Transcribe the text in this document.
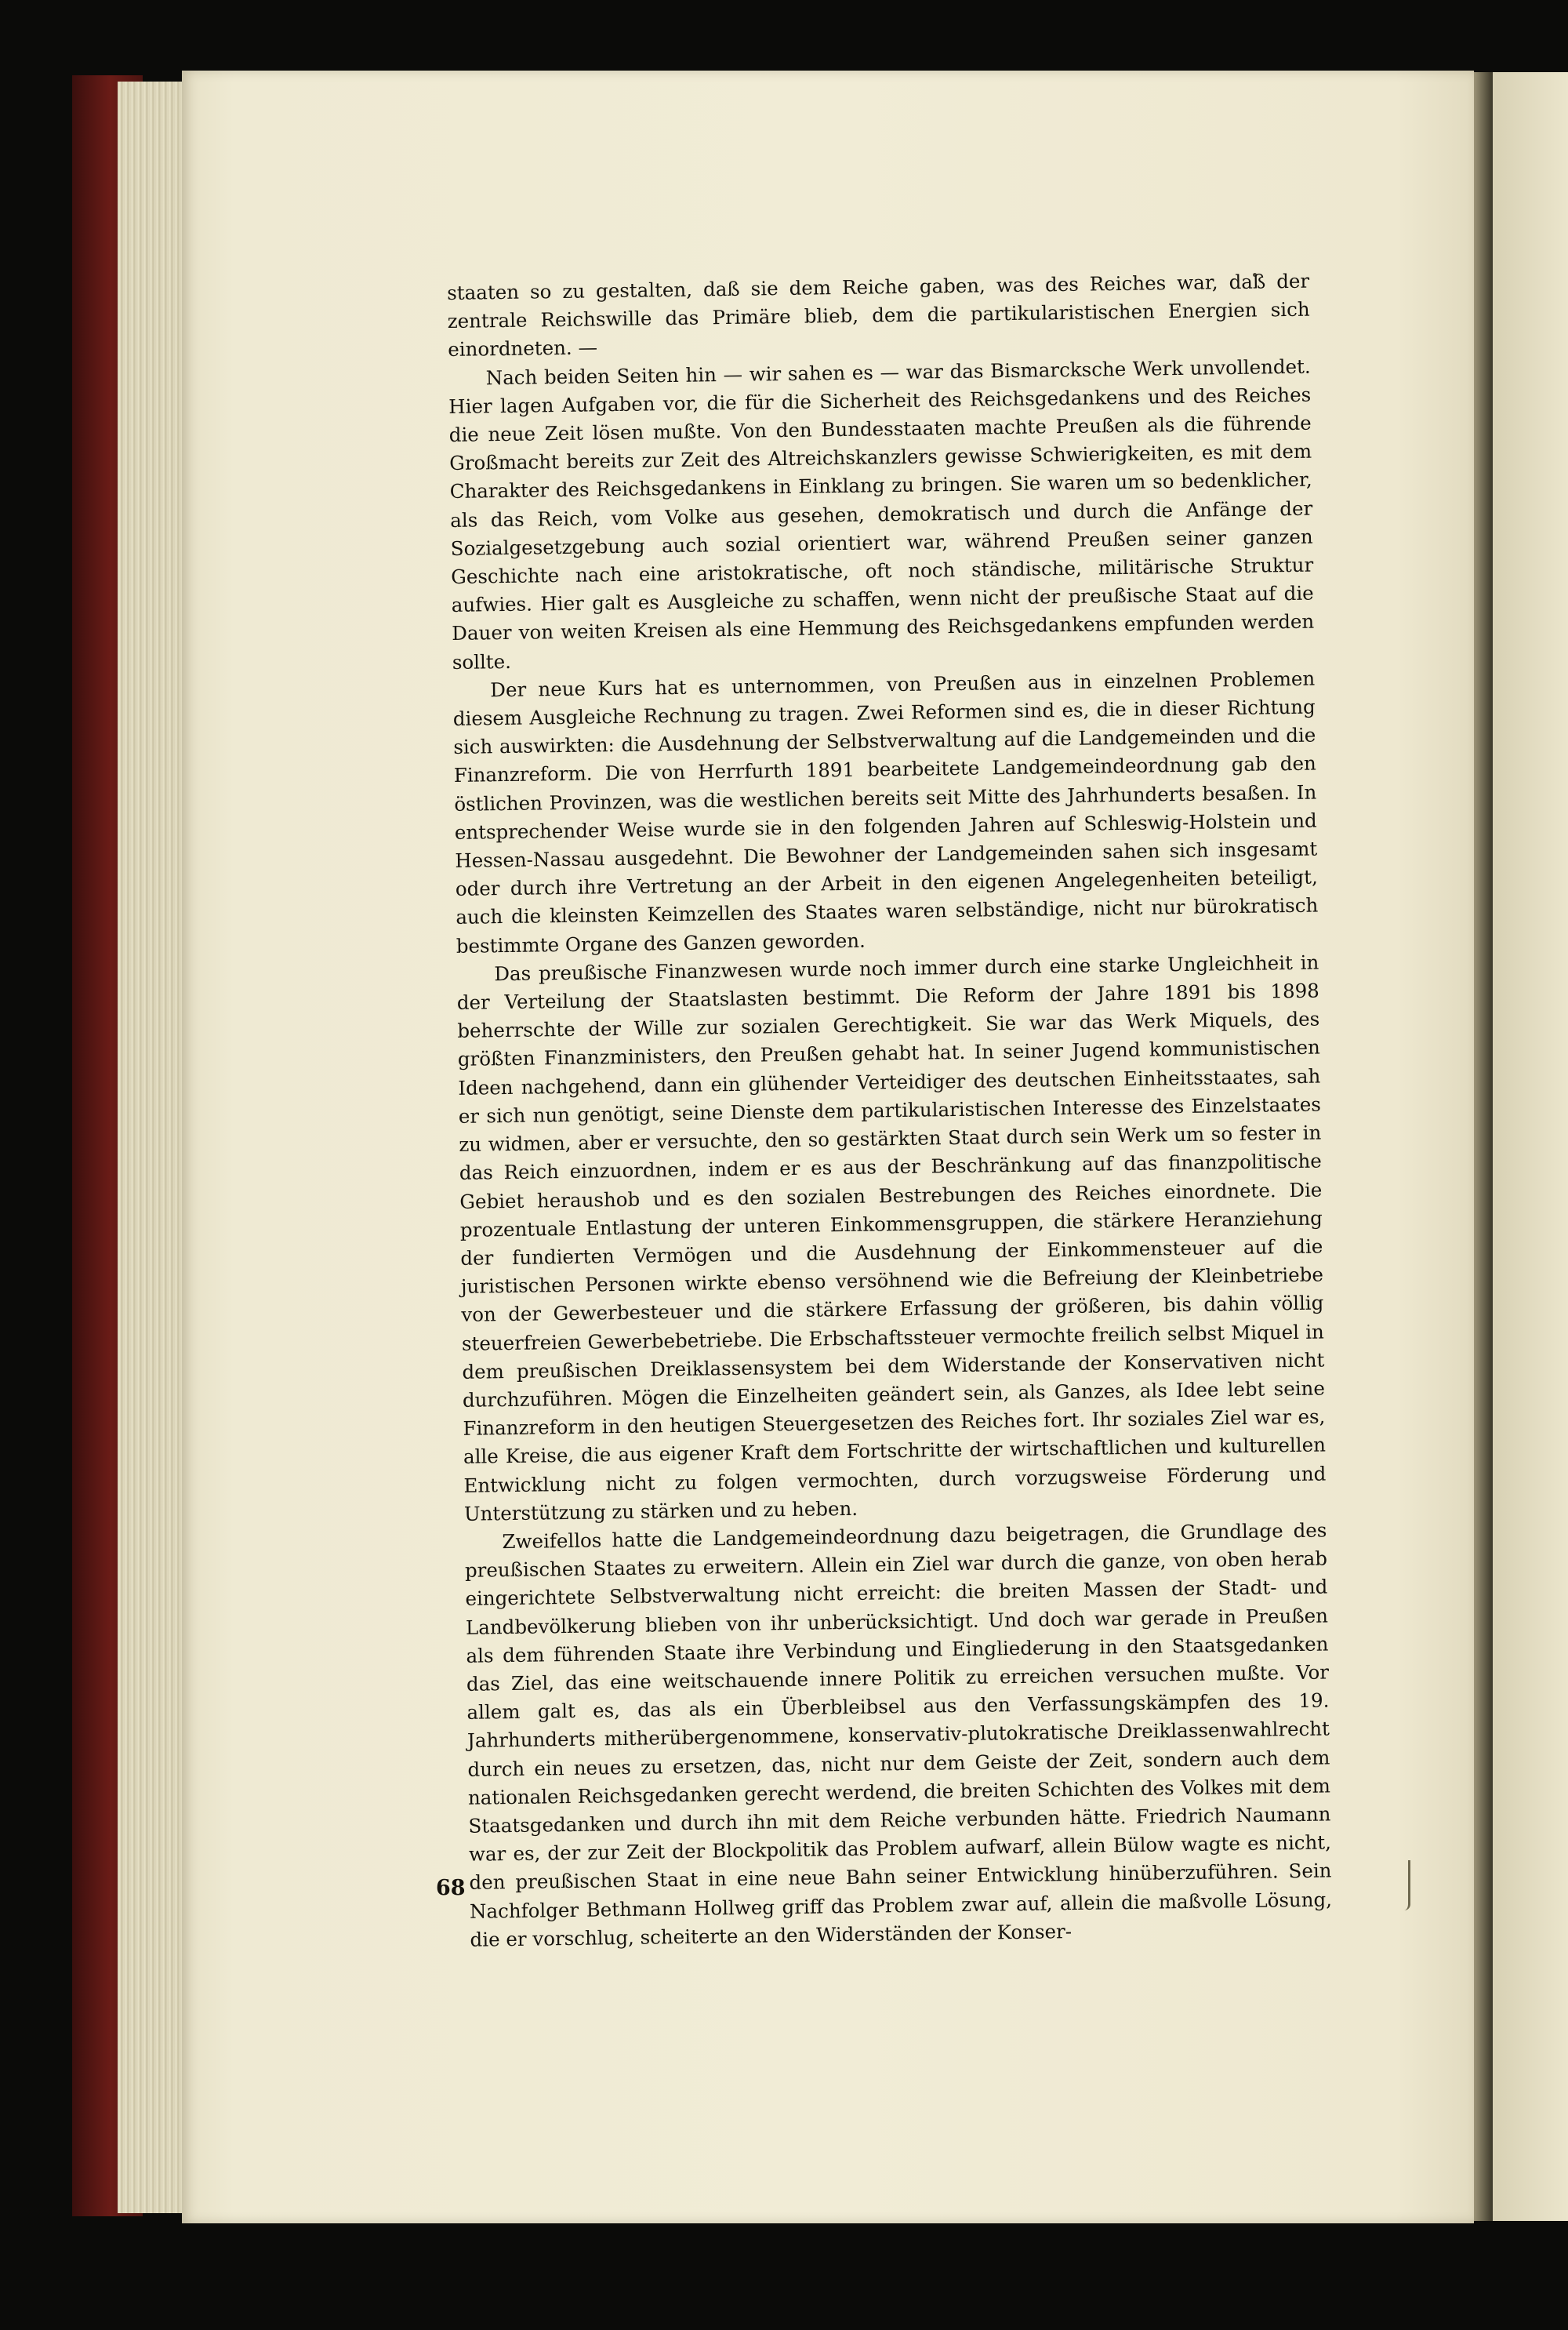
staaten so zu gestalten, daß sie dem Reiche gaben, was des Reiches war, daß der zentrale Reichswille das Primäre blieb, dem die partikularistischen Energien sich einordneten. —

Nach beiden Seiten hin — wir sahen es — war das Bismarcksche Werk unvollendet. Hier lagen Aufgaben vor, die für die Sicherheit des Reichsgedankens und des Reiches die neue Zeit lösen mußte. Von den Bundesstaaten machte Preußen als die führende Großmacht bereits zur Zeit des Altreichskanzlers gewisse Schwierigkeiten, es mit dem Charakter des Reichsgedankens in Einklang zu bringen. Sie waren um so bedenklicher, als das Reich, vom Volke aus gesehen, demokratisch und durch die Anfänge der Sozialgesetzgebung auch sozial orientiert war, während Preußen seiner ganzen Geschichte nach eine aristokratische, oft noch ständische, militärische Struktur aufwies. Hier galt es Ausgleiche zu schaffen, wenn nicht der preußische Staat auf die Dauer von weiten Kreisen als eine Hemmung des Reichsgedankens empfunden werden sollte.

Der neue Kurs hat es unternommen, von Preußen aus in einzelnen Problemen diesem Ausgleiche Rechnung zu tragen. Zwei Reformen sind es, die in dieser Richtung sich auswirkten: die Ausdehnung der Selbstverwaltung auf die Landgemeinden und die Finanzreform. Die von Herrfurth 1891 bearbeitete Landgemeindeordnung gab den östlichen Provinzen, was die westlichen bereits seit Mitte des Jahrhunderts besaßen. In entsprechender Weise wurde sie in den folgenden Jahren auf Schleswig-Holstein und Hessen-Nassau ausgedehnt. Die Bewohner der Landgemeinden sahen sich insgesamt oder durch ihre Vertretung an der Arbeit in den eigenen Angelegenheiten beteiligt, auch die kleinsten Keimzellen des Staates waren selbständige, nicht nur bürokratisch bestimmte Organe des Ganzen geworden.

Das preußische Finanzwesen wurde noch immer durch eine starke Ungleichheit in der Verteilung der Staatslasten bestimmt. Die Reform der Jahre 1891 bis 1898 beherrschte der Wille zur sozialen Gerechtigkeit. Sie war das Werk Miquels, des größten Finanzministers, den Preußen gehabt hat. In seiner Jugend kommunistischen Ideen nachgehend, dann ein glühender Verteidiger des deutschen Einheitsstaates, sah er sich nun genötigt, seine Dienste dem partikularistischen Interesse des Einzelstaates zu widmen, aber er versuchte, den so gestärkten Staat durch sein Werk um so fester in das Reich einzuordnen, indem er es aus der Beschränkung auf das finanzpolitische Gebiet heraushob und es den sozialen Bestrebungen des Reiches einordnete. Die prozentuale Entlastung der unteren Einkommensgruppen, die stärkere Heranziehung der fundierten Vermögen und die Ausdehnung der Einkommensteuer auf die juristischen Personen wirkte ebenso versöhnend wie die Befreiung der Kleinbetriebe von der Gewerbesteuer und die stärkere Erfassung der größeren, bis dahin völlig steuerfreien Gewerbebetriebe. Die Erbschaftssteuer vermochte freilich selbst Miquel in dem preußischen Dreiklassensystem bei dem Widerstande der Konservativen nicht durchzuführen. Mögen die Einzelheiten geändert sein, als Ganzes, als Idee lebt seine Finanzreform in den heutigen Steuergesetzen des Reiches fort. Ihr soziales Ziel war es, alle Kreise, die aus eigener Kraft dem Fortschritte der wirtschaftlichen und kulturellen Entwicklung nicht zu folgen vermochten, durch vorzugsweise Förderung und Unterstützung zu stärken und zu heben.

Zweifellos hatte die Landgemeindeordnung dazu beigetragen, die Grundlage des preußischen Staates zu erweitern. Allein ein Ziel war durch die ganze, von oben herab eingerichtete Selbstverwaltung nicht erreicht: die breiten Massen der Stadt- und Landbevölkerung blieben von ihr unberücksichtigt. Und doch war gerade in Preußen als dem führenden Staate ihre Verbindung und Eingliederung in den Staatsgedanken das Ziel, das eine weitschauende innere Politik zu erreichen versuchen mußte. Vor allem galt es, das als ein Überbleibsel aus den Verfassungskämpfen des 19. Jahrhunderts mitherübergenommene, konservativ-plutokratische Dreiklassenwahlrecht durch ein neues zu ersetzen, das, nicht nur dem Geiste der Zeit, sondern auch dem nationalen Reichsgedanken gerecht werdend, die breiten Schichten des Volkes mit dem Staatsgedanken und durch ihn mit dem Reiche verbunden hätte. Friedrich Naumann war es, der zur Zeit der Blockpolitik das Problem aufwarf, allein Bülow wagte es nicht, den preußischen Staat in eine neue Bahn seiner Entwicklung hinüberzuführen. Sein Nachfolger Bethmann Hollweg griff das Problem zwar auf, allein die maßvolle Lösung, die er vorschlug, scheiterte an den Widerständen der Konser-

68
